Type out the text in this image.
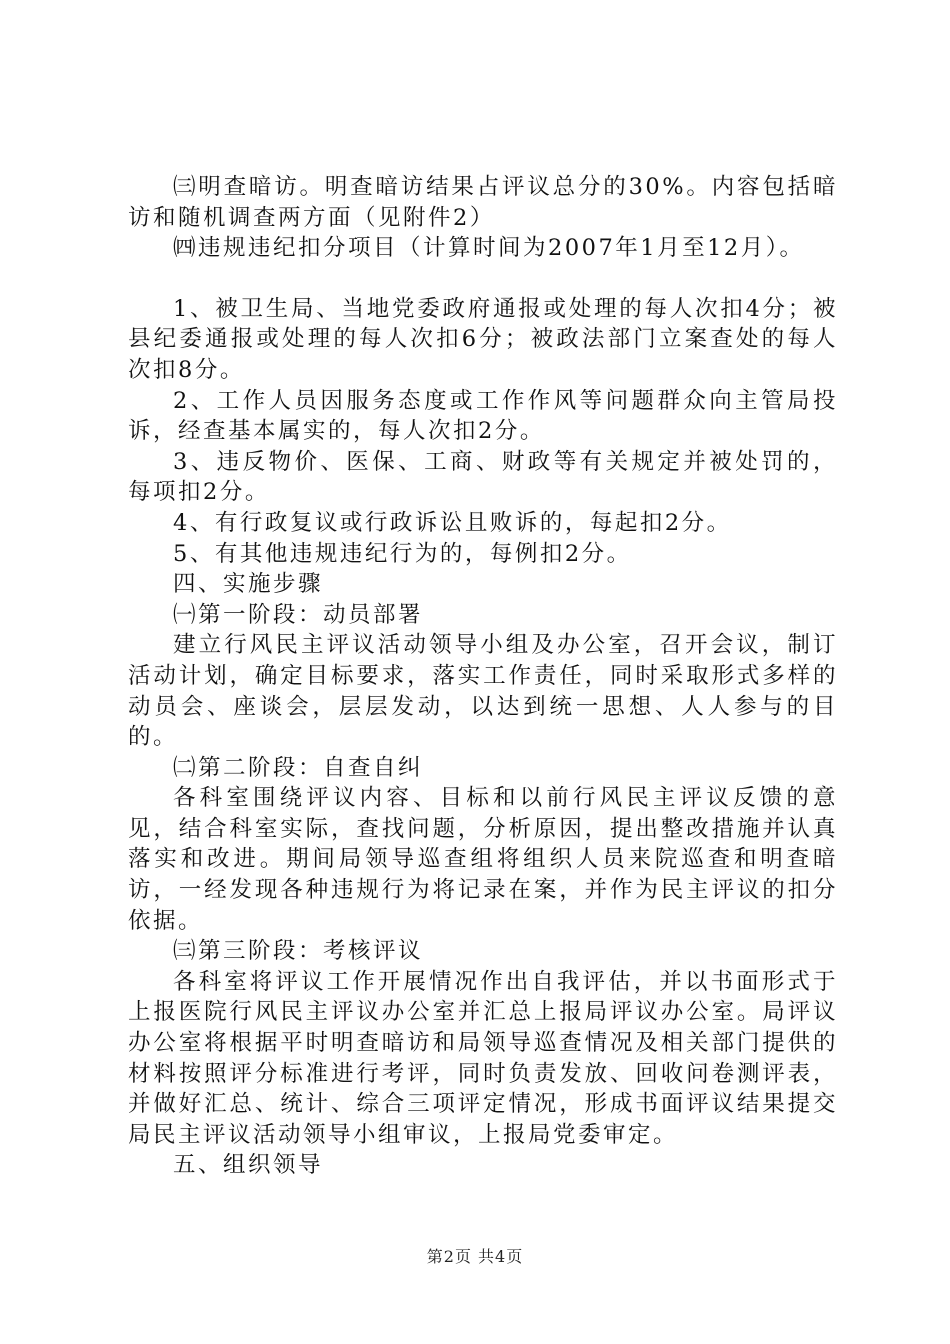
㈢明查暗访。明查暗访结果占评议总分的30%。内容包括暗访和随机调查两方面（见附件2）

㈣违规违纪扣分项目（计算时间为2007年1月至12月）。

1、被卫生局、当地党委政府通报或处理的每人次扣4分；被县纪委通报或处理的每人次扣6分；被政法部门立案查处的每人次扣8分。

2、工作人员因服务态度或工作作风等问题群众向主管局投诉，经查基本属实的，每人次扣2分。

3、违反物价、医保、工商、财政等有关规定并被处罚的，每项扣2分。

4、有行政复议或行政诉讼且败诉的，每起扣2分。

5、有其他违规违纪行为的，每例扣2分。

四、实施步骤

㈠第一阶段：动员部署

建立行风民主评议活动领导小组及办公室，召开会议，制订活动计划，确定目标要求，落实工作责任，同时采取形式多样的动员会、座谈会，层层发动，以达到统一思想、人人参与的目的。

㈡第二阶段：自查自纠

各科室围绕评议内容、目标和以前行风民主评议反馈的意见，结合科室实际，查找问题，分析原因，提出整改措施并认真落实和改进。期间局领导巡查组将组织人员来院巡查和明查暗访，一经发现各种违规行为将记录在案，并作为民主评议的扣分依据。

㈢第三阶段：考核评议

各科室将评议工作开展情况作出自我评估，并以书面形式于上报医院行风民主评议办公室并汇总上报局评议办公室。局评议办公室将根据平时明查暗访和局领导巡查情况及相关部门提供的材料按照评分标准进行考评，同时负责发放、回收问卷测评表，并做好汇总、统计、综合三项评定情况，形成书面评议结果提交局民主评议活动领导小组审议，上报局党委审定。

五、组织领导

第2页 共4页
